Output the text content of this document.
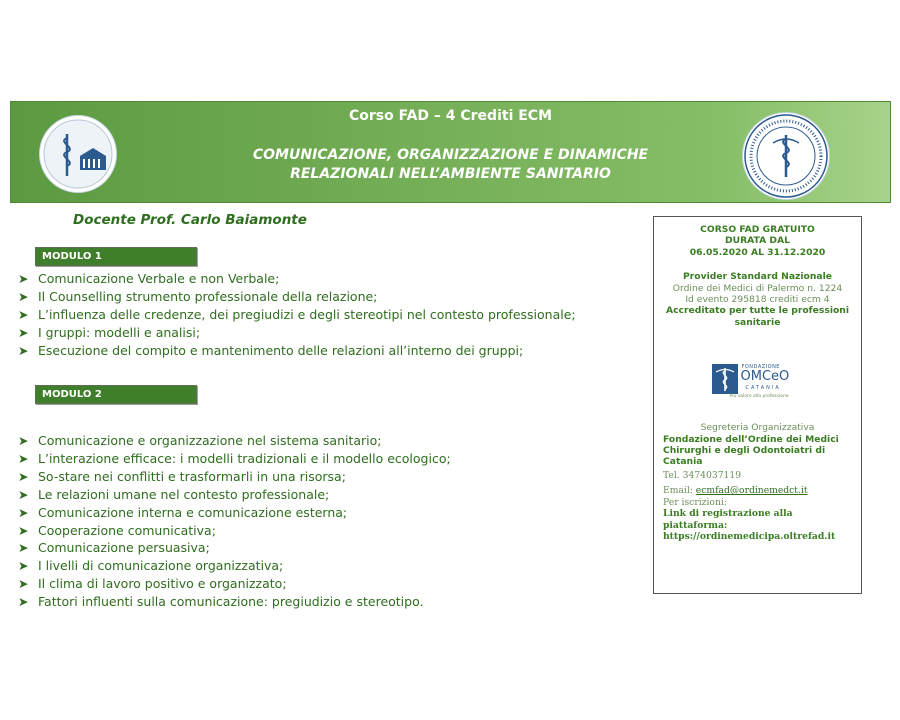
Corso FAD – 4 Crediti ECM
COMUNICAZIONE, ORGANIZZAZIONE E DINAMICHE
RELAZIONALI NELL’AMBIENTE SANITARIO
Docente Prof. Carlo Baiamonte
MODULO 1
➤ Comunicazione Verbale e non Verbale;
➤ Il Counselling strumento professionale della relazione;
➤ L’influenza delle credenze, dei pregiudizi e degli stereotipi nel contesto professionale;
➤ I gruppi: modelli e analisi;
➤ Esecuzione del compito e mantenimento delle relazioni all’interno dei gruppi;
MODULO 2
➤ Comunicazione e organizzazione nel sistema sanitario;
➤ L’interazione efficace: i modelli tradizionali e il modello ecologico;
➤ So-stare nei conflitti e trasformarli in una risorsa;
➤ Le relazioni umane nel contesto professionale;
➤ Comunicazione interna e comunicazione esterna;
➤ Cooperazione comunicativa;
➤ Comunicazione persuasiva;
➤ I livelli di comunicazione organizzativa;
➤ Il clima di lavoro positivo e organizzato;
➤ Fattori influenti sulla comunicazione: pregiudizio e stereotipo.
CORSO FAD GRATUITO
DURATA DAL
06.05.2020 AL 31.12.2020
Provider Standard Nazionale
Ordine dei Medici di Palermo n. 1224
Id evento 295818 crediti ecm 4
Accreditato per tutte le professioni
sanitarie
FONDAZIONE
OMCeO
CATANIA
Più valore alla professione
Segreteria Organizzativa
Fondazione dell’Ordine dei Medici
Chirurghi e degli Odontoiatri di
Catania
Tel. 3474037119
Email: ecmfad@ordinemedct.it
Per iscrizioni:
Link di registrazione alla
piattaforma:
https://ordinemedicipa.oltrefad.it
